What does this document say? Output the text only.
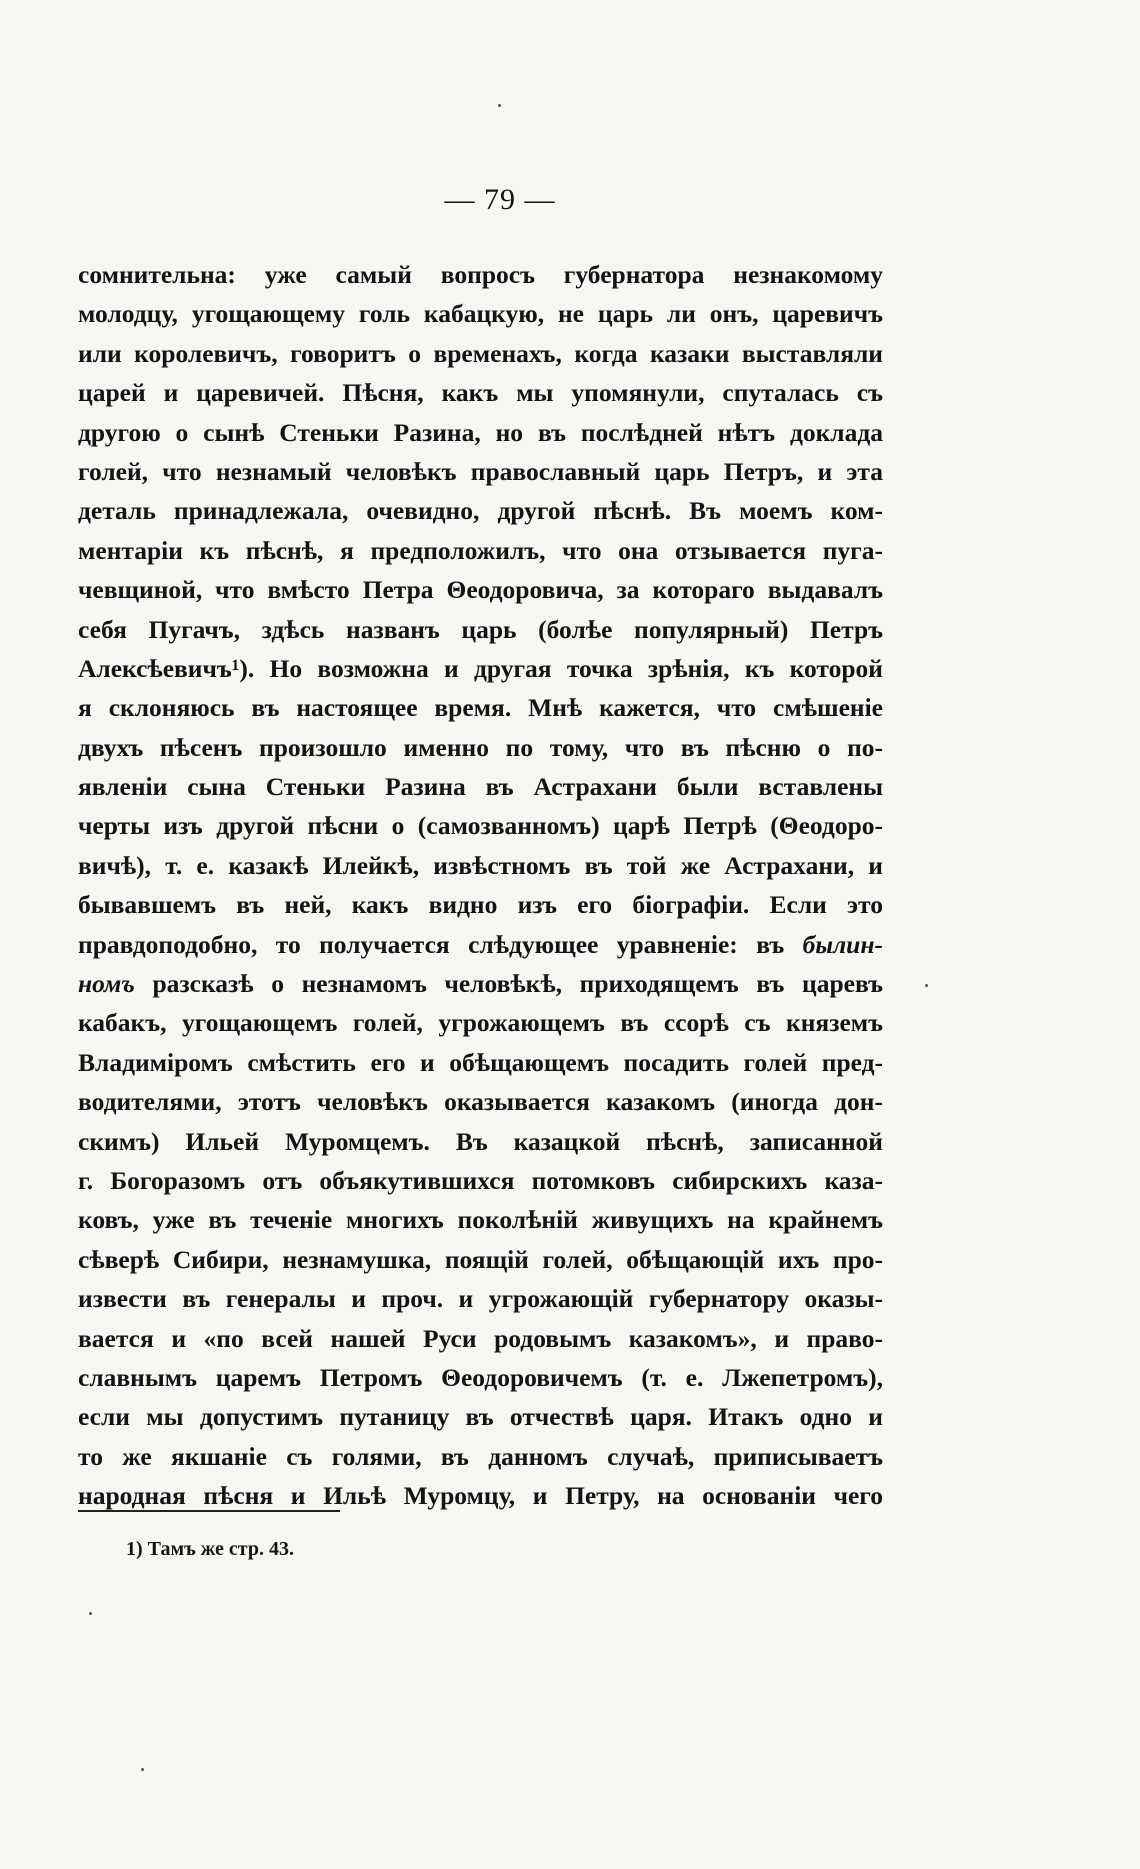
— 79 —
сомнительна: уже самый вопросъ губернатора незнакомому
молодцу, угощающему голь кабацкую, не царь ли онъ, царевичъ
или королевичъ, говоритъ о временахъ, когда казаки выставляли
царей и царевичей. Пѣсня, какъ мы упомянули, спуталась съ
другою о сынѣ Стеньки Разина, но въ послѣдней нѣтъ доклада
голей, что незнамый человѣкъ православный царь Петръ, и эта
деталь принадлежала, очевидно, другой пѣснѣ. Въ моемъ ком-
ментаріи къ пѣснѣ, я предположилъ, что она отзывается пуга-
чевщиной, что вмѣсто Петра Θеодоровича, за котораго выдавалъ
себя Пугачъ, здѣсь названъ царь (болѣе популярный) Петръ
Алексѣевичъ¹). Но возможна и другая точка зрѣнія, къ которой
я склоняюсь въ настоящее время. Мнѣ кажется, что смѣшеніе
двухъ пѣсенъ произошло именно по тому, что въ пѣсню о по-
явленіи сына Стеньки Разина въ Астрахани были вставлены
черты изъ другой пѣсни о (самозванномъ) царѣ Петрѣ (Θеодоро-
вичѣ), т. е. казакѣ Илейкѣ, извѣстномъ въ той же Астрахани, и
бывавшемъ въ ней, какъ видно изъ его біографіи. Если это
правдоподобно, то получается слѣдующее уравненіе: въ былин-
номъ разсказѣ о незнамомъ человѣкѣ, приходящемъ въ царевъ
кабакъ, угощающемъ голей, угрожающемъ въ ссорѣ съ княземъ
Владиміромъ смѣстить его и обѣщающемъ посадить голей пред-
водителями, этотъ человѣкъ оказывается казакомъ (иногда дон-
скимъ) Ильей Муромцемъ. Въ казацкой пѣснѣ, записанной
г. Богоразомъ отъ объякутившихся потомковъ сибирскихъ каза-
ковъ, уже въ теченіе многихъ поколѣній живущихъ на крайнемъ
сѣверѣ Сибири, незнамушка, поящій голей, обѣщающій ихъ про-
извести въ генералы и проч. и угрожающій губернатору оказы-
вается и «по всей нашей Руси родовымъ казакомъ», и право-
славнымъ царемъ Петромъ Θеодоровичемъ (т. е. Лжепетромъ),
если мы допустимъ путаницу въ отчествѣ царя. Итакъ одно и
то же якшаніе съ голями, въ данномъ случаѣ, приписываетъ
народная пѣсня и Ильѣ Муромцу, и Петру, на основаніи чего
1) Тамъ же стр. 43.
